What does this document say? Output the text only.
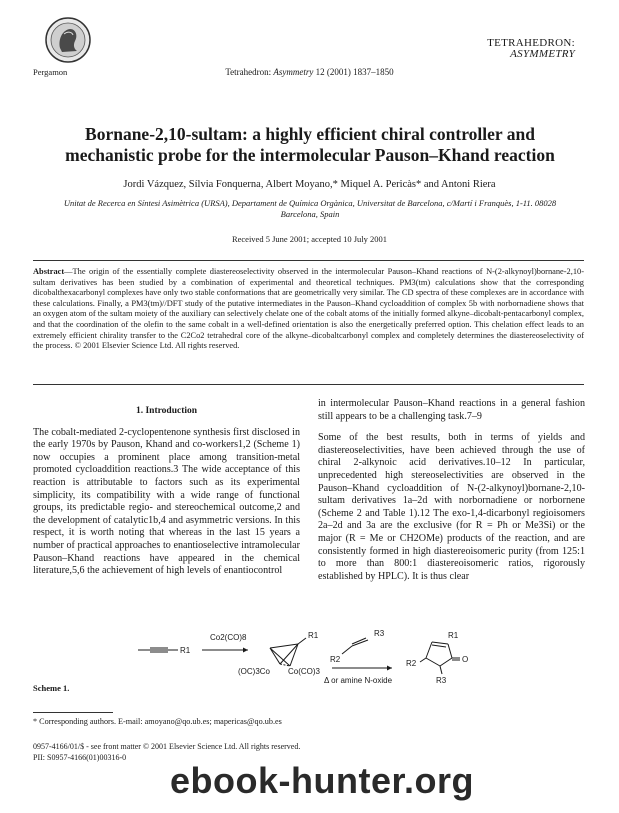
Pergamon
TETRAHEDRON:
ASYMMETRY
Tetrahedron: Asymmetry 12 (2001) 1837–1850
Bornane-2,10-sultam: a highly efficient chiral controller and mechanistic probe for the intermolecular Pauson–Khand reaction
Jordi Vázquez, Sílvia Fonquerna, Albert Moyano,* Miquel A. Pericàs* and Antoni Riera
Unitat de Recerca en Síntesi Asimètrica (URSA), Departament de Química Orgànica, Universitat de Barcelona, c/Martí i Franquès, 1-11. 08028 Barcelona, Spain
Received 5 June 2001; accepted 10 July 2001
Abstract—The origin of the essentially complete diastereoselectivity observed in the intermolecular Pauson–Khand reactions of N-(2-alkynoyl)bornane-2,10-sultam derivatives has been studied by a combination of experimental and theoretical techniques. PM3(tm) calculations show that the corresponding dicobalthexacarbonyl complexes have only two stable conformations that are geometrically very similar. The CD spectra of these complexes are in accordance with these calculations. Finally, a PM3(tm)//DFT study of the putative intermediates in the Pauson–Khand cycloaddition of complex 5b with norbornadiene shows that an oxygen atom of the sultam moiety of the auxiliary can selectively chelate one of the cobalt atoms of the initially formed alkyne–dicobalt-pentacarbonyl complex, and that the coordination of the olefin to the same cobalt in a well-defined orientation is also the energetically preferred option. This chelation effect leads to an extremely efficient chirality transfer to the C2Co2 tetrahedral core of the alkyne–dicobaltcarbonyl complex and completely determines the diastereoselectivity of the process. © 2001 Elsevier Science Ltd. All rights reserved.

1. Introduction

The cobalt-mediated 2-cyclopentenone synthesis first disclosed in the early 1970s by Pauson, Khand and co-workers1,2 (Scheme 1) now occupies a prominent place among transition-metal promoted cycloaddition reactions.3 The wide acceptance of this reaction is attributable to factors such as its experimental simplicity, its compatibility with a wide range of functional groups, its predictable regio- and stereochemical outcome,2 and the development of catalytic1b,4 and asymmetric versions. In this respect, it is worth noting that whereas in the last 15 years a number of practical approaches to enantioselective intramolecular Pauson–Khand reactions have appeared in the chemical literature,5,6 the achievement of high levels of enantiocontrol

in intermolecular Pauson–Khand reactions in a general fashion still appears to be a challenging task.7–9

Some of the best results, both in terms of yields and diastereoselectivities, have been achieved through the use of chiral 2-alkynoic acid derivatives.10–12 In particular, unprecedented high stereoselectivities are observed in the Pauson–Khand cycloaddition of N-(2-alkynoyl)bornane-2,10-sultam derivatives 1a–2d with norbornadiene or norbornene (Scheme 2 and Table 1).12 The exo-1,4-dicarbonyl regioisomers 2a–2d and 3a are the exclusive (for R = Ph or Me3Si) or the major (R = Me or CH2OMe) products of the reaction, and are consistently formed in high diastereoisomeric purity (from 125:1 to more than 800:1 diastereoisomeric ratios, rigorously established by HPLC). It is thus clear

R1
Co2(CO)8	R1
(OC)3Co Co(CO)3
R3
R2
Δ or amine N-oxide
R1
O
R2
R3
Scheme 1.
* Corresponding authors. E-mail: amoyano@qo.ub.es; mapericas@qo.ub.es
0957-4166/01/$ - see front matter © 2001 Elsevier Science Ltd. All rights reserved.
PII: S0957-4166(01)00316-0
ebook-hunter.org
